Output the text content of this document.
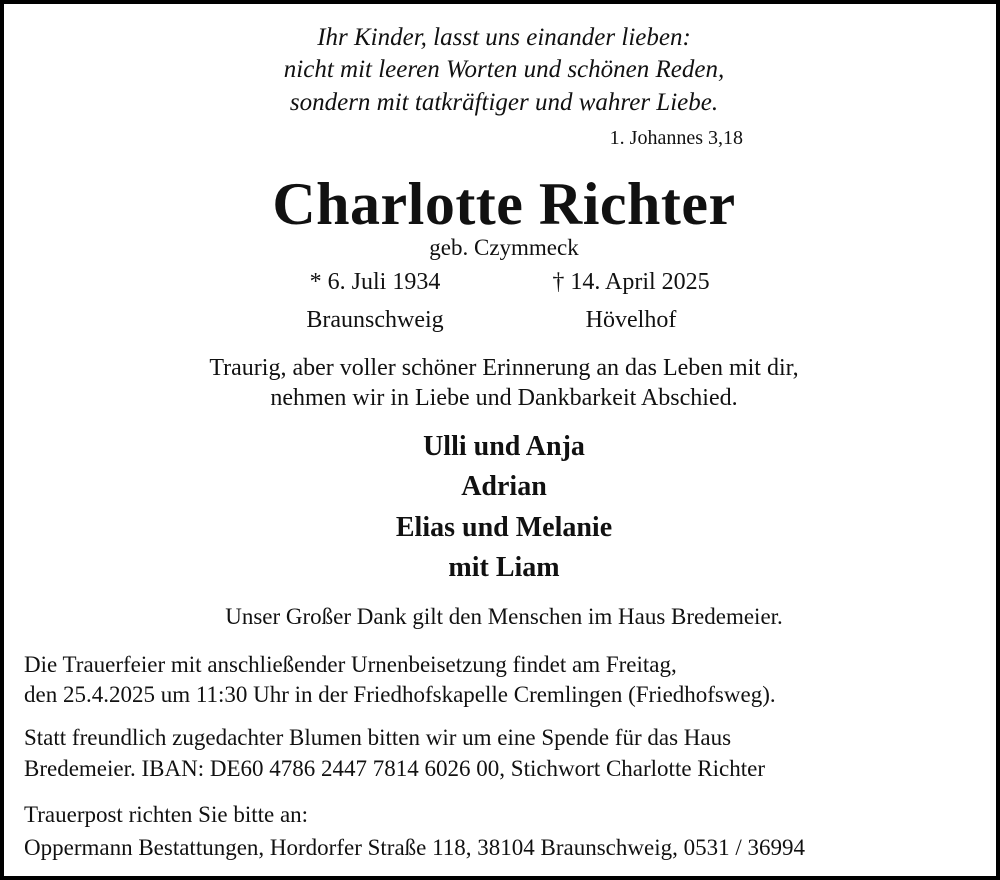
Ihr Kinder, lasst uns einander lieben:
nicht mit leeren Worten und schönen Reden,
sondern mit tatkräftiger und wahrer Liebe.
1. Johannes 3,18
Charlotte Richter
geb. Czymmeck
* 6. Juli 1934
Braunschweig
† 14. April 2025
Hövelhof
Traurig, aber voller schöner Erinnerung an das Leben mit dir,
nehmen wir in Liebe und Dankbarkeit Abschied.
Ulli und Anja
Adrian
Elias und Melanie
mit Liam
Unser Großer Dank gilt den Menschen im Haus Bredemeier.
Die Trauerfeier mit anschließender Urnenbeisetzung findet am Freitag,
den 25.4.2025 um 11:30 Uhr in der Friedhofskapelle Cremlingen (Friedhofsweg).
Statt freundlich zugedachter Blumen bitten wir um eine Spende für das Haus
Bredemeier. IBAN: DE60 4786 2447 7814 6026 00, Stichwort Charlotte Richter
Trauerpost richten Sie bitte an:
Oppermann Bestattungen, Hordorfer Straße 118, 38104 Braunschweig, 0531 / 36994
